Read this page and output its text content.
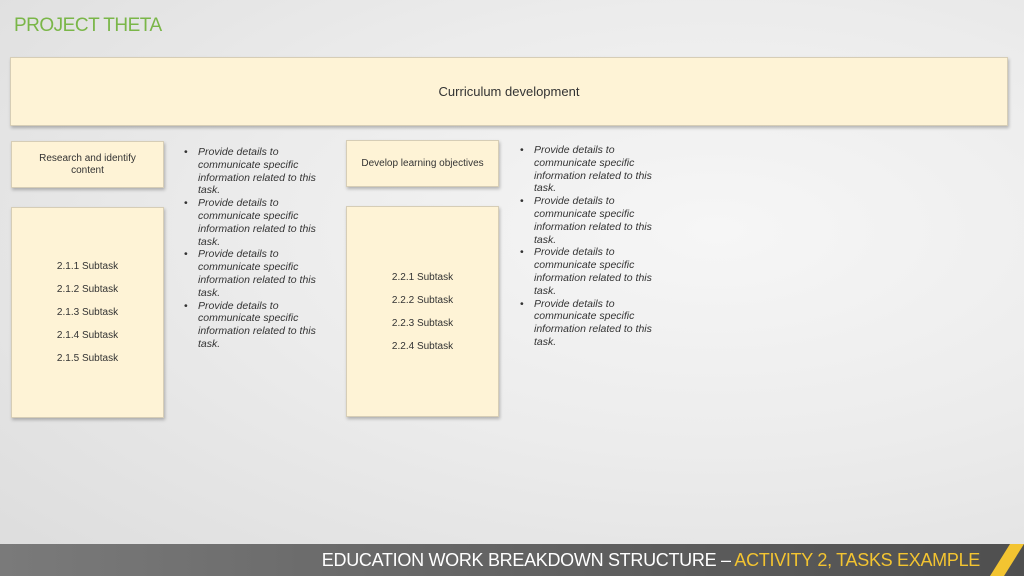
PROJECT THETA
Curriculum development
Research and identify content
2.1.1 Subtask
2.1.2 Subtask
2.1.3 Subtask
2.1.4 Subtask
2.1.5 Subtask
• Provide details to communicate specific information related to this task.
• Provide details to communicate specific information related to this task.
• Provide details to communicate specific information related to this task.
• Provide details to communicate specific information related to this task.
Develop learning objectives
2.2.1 Subtask
2.2.2 Subtask
2.2.3 Subtask
2.2.4 Subtask
• Provide details to communicate specific information related to this task.
• Provide details to communicate specific information related to this task.
• Provide details to communicate specific information related to this task.
• Provide details to communicate specific information related to this task.
EDUCATION WORK BREAKDOWN STRUCTURE – ACTIVITY 2, TASKS EXAMPLE
